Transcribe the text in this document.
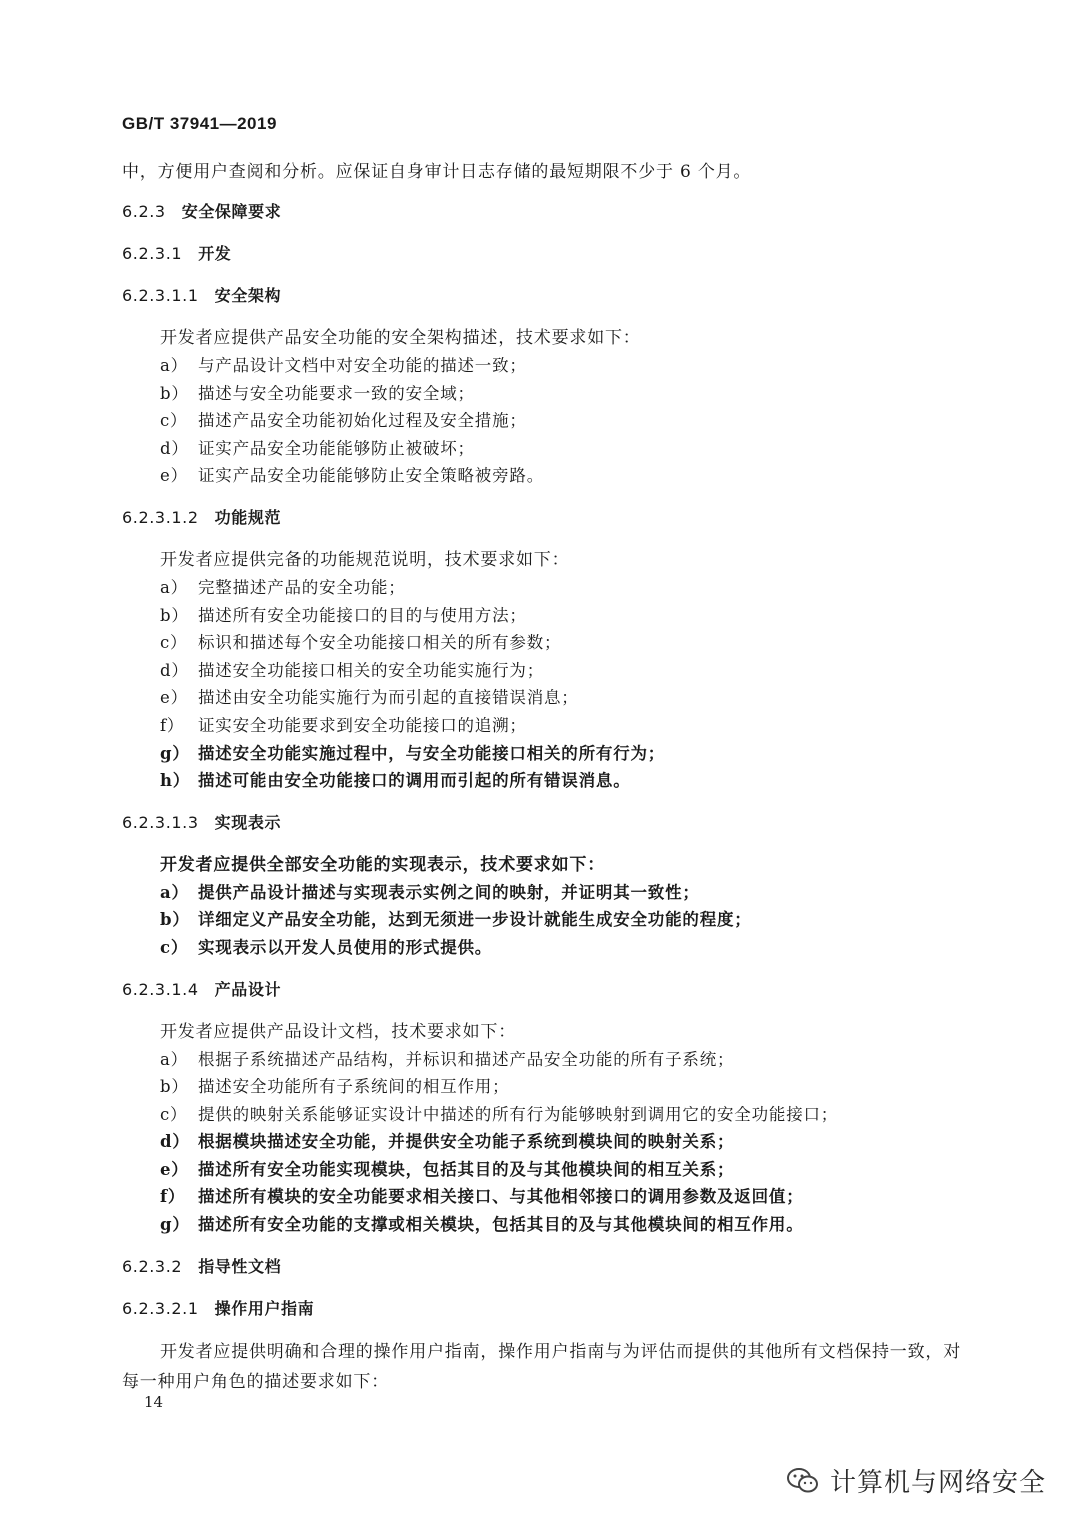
GB/T 37941—2019

中，方便用户查阅和分析。应保证自身审计日志存储的最短期限不少于 6 个月。

6.2.3 安全保障要求
6.2.3.1 开发
6.2.3.1.1 安全架构

开发者应提供产品安全功能的安全架构描述，技术要求如下：

a） 与产品设计文档中对安全功能的描述一致；
b） 描述与安全功能要求一致的安全域；
c） 描述产品安全功能初始化过程及安全措施；
d） 证实产品安全功能能够防止被破坏；
e） 证实产品安全功能能够防止安全策略被旁路。
6.2.3.1.2 功能规范

开发者应提供完备的功能规范说明，技术要求如下：

a） 完整描述产品的安全功能；
b） 描述所有安全功能接口的目的与使用方法；
c） 标识和描述每个安全功能接口相关的所有参数；
d） 描述安全功能接口相关的安全功能实施行为；
e） 描述由安全功能实施行为而引起的直接错误消息；
f） 证实安全功能要求到安全功能接口的追溯；
g） 描述安全功能实施过程中，与安全功能接口相关的所有行为；
h） 描述可能由安全功能接口的调用而引起的所有错误消息。
6.2.3.1.3 实现表示

开发者应提供全部安全功能的实现表示，技术要求如下：

a） 提供产品设计描述与实现表示实例之间的映射，并证明其一致性；
b） 详细定义产品安全功能，达到无须进一步设计就能生成安全功能的程度；
c） 实现表示以开发人员使用的形式提供。
6.2.3.1.4 产品设计

开发者应提供产品设计文档，技术要求如下：

a） 根据子系统描述产品结构，并标识和描述产品安全功能的所有子系统；
b） 描述安全功能所有子系统间的相互作用；
c） 提供的映射关系能够证实设计中描述的所有行为能够映射到调用它的安全功能接口；
d） 根据模块描述安全功能，并提供安全功能子系统到模块间的映射关系；
e） 描述所有安全功能实现模块，包括其目的及与其他模块间的相互关系；
f） 描述所有模块的安全功能要求相关接口、与其他相邻接口的调用参数及返回值；
g） 描述所有安全功能的支撑或相关模块，包括其目的及与其他模块间的相互作用。
6.2.3.2 指导性文档
6.2.3.2.1 操作用户指南

开发者应提供明确和合理的操作用户指南，操作用户指南与为评估而提供的其他所有文档保持一致，对每一种用户角色的描述要求如下：

14
计算机与网络安全
